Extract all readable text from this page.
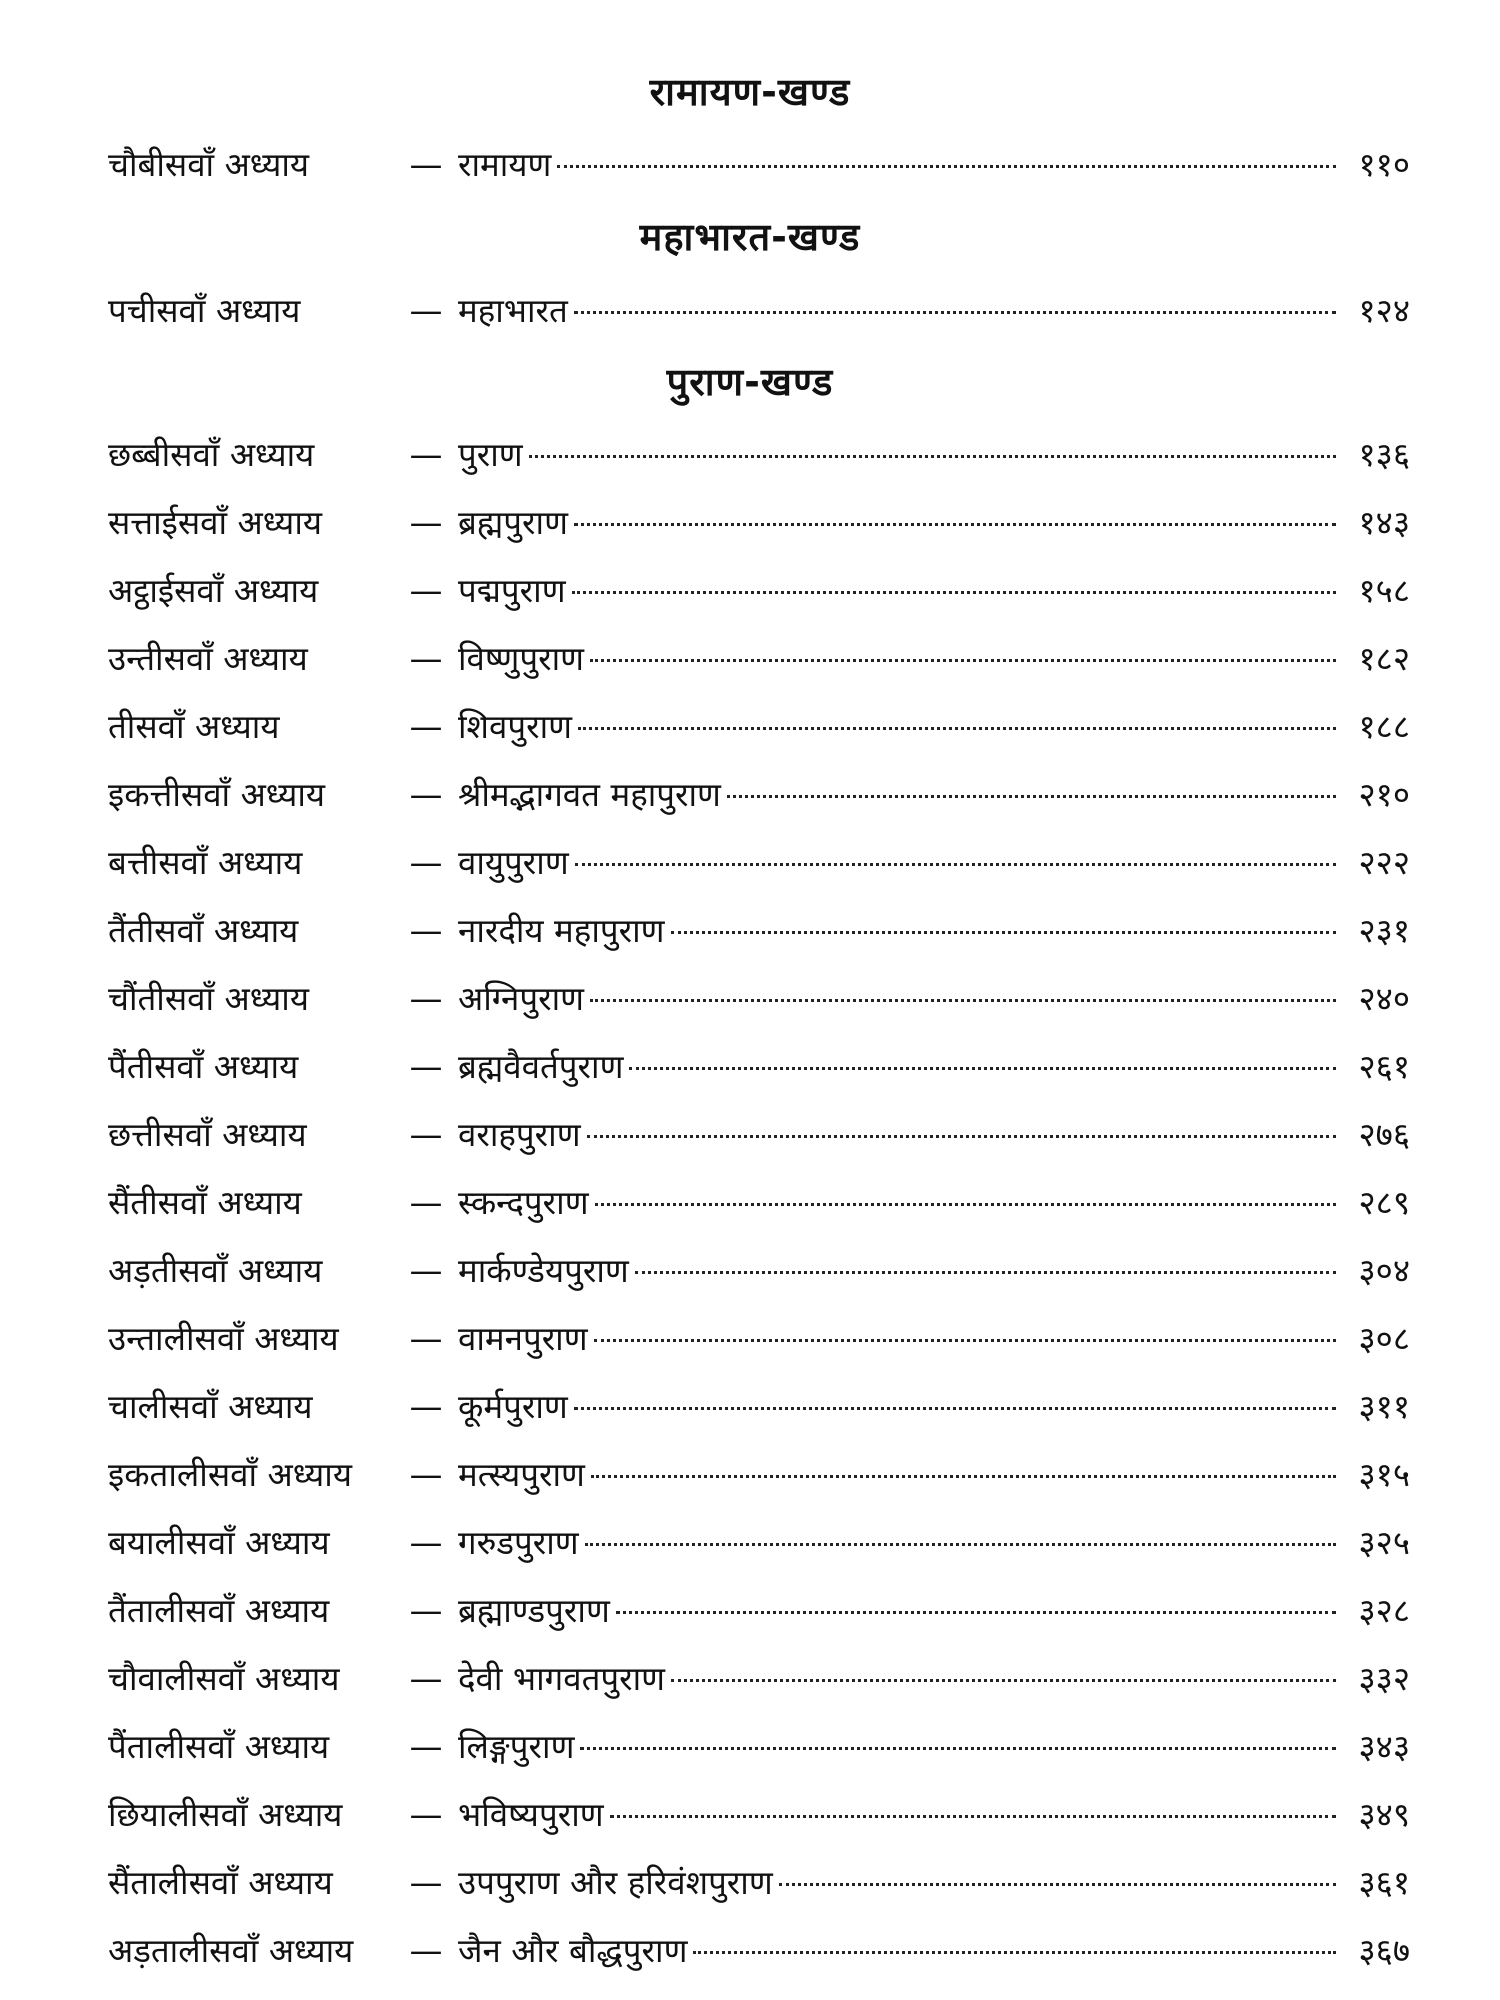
रामायण-खण्ड
चौबीसवाँ अध्याय	— रामायण	११०
महाभारत-खण्ड
पचीसवाँ अध्याय	— महाभारत	१२४
पुराण-खण्ड
छब्बीसवाँ अध्याय	— पुराण	१३६
सत्ताईसवाँ अध्याय	— ब्रह्मपुराण	१४३
अट्ठाईसवाँ अध्याय	— पद्मपुराण	१५८
उन्तीसवाँ अध्याय	— विष्णुपुराण	१८२
तीसवाँ अध्याय	— शिवपुराण	१८८
इकत्तीसवाँ अध्याय	— श्रीमद्भागवत महापुराण	२१०
बत्तीसवाँ अध्याय	— वायुपुराण	२२२
तैंतीसवाँ अध्याय	— नारदीय महापुराण	२३१
चौंतीसवाँ अध्याय	— अग्निपुराण	२४०
पैंतीसवाँ अध्याय	— ब्रह्मवैवर्तपुराण	२६१
छत्तीसवाँ अध्याय	— वराहपुराण	२७६
सैंतीसवाँ अध्याय	— स्कन्दपुराण	२८९
अड़तीसवाँ अध्याय	— मार्कण्डेयपुराण	३०४
उन्तालीसवाँ अध्याय — वामनपुराण	३०८
चालीसवाँ अध्याय	— कूर्मपुराण	३११
इकतालीसवाँ अध्याय — मत्स्यपुराण	३१५
बयालीसवाँ अध्याय — गरुडपुराण	३२५
तैंतालीसवाँ अध्याय — ब्रह्माण्डपुराण	३२८
चौवालीसवाँ अध्याय — देवी भागवतपुराण	३३२
पैंतालीसवाँ अध्याय — लिङ्गपुराण	३४३
छियालीसवाँ अध्याय — भविष्यपुराण	३४९
सैंतालीसवाँ अध्याय — उपपुराण और हरिवंशपुराण	३६१
अड़तालीसवाँ अध्याय — जैन और बौद्धपुराण	३६७
